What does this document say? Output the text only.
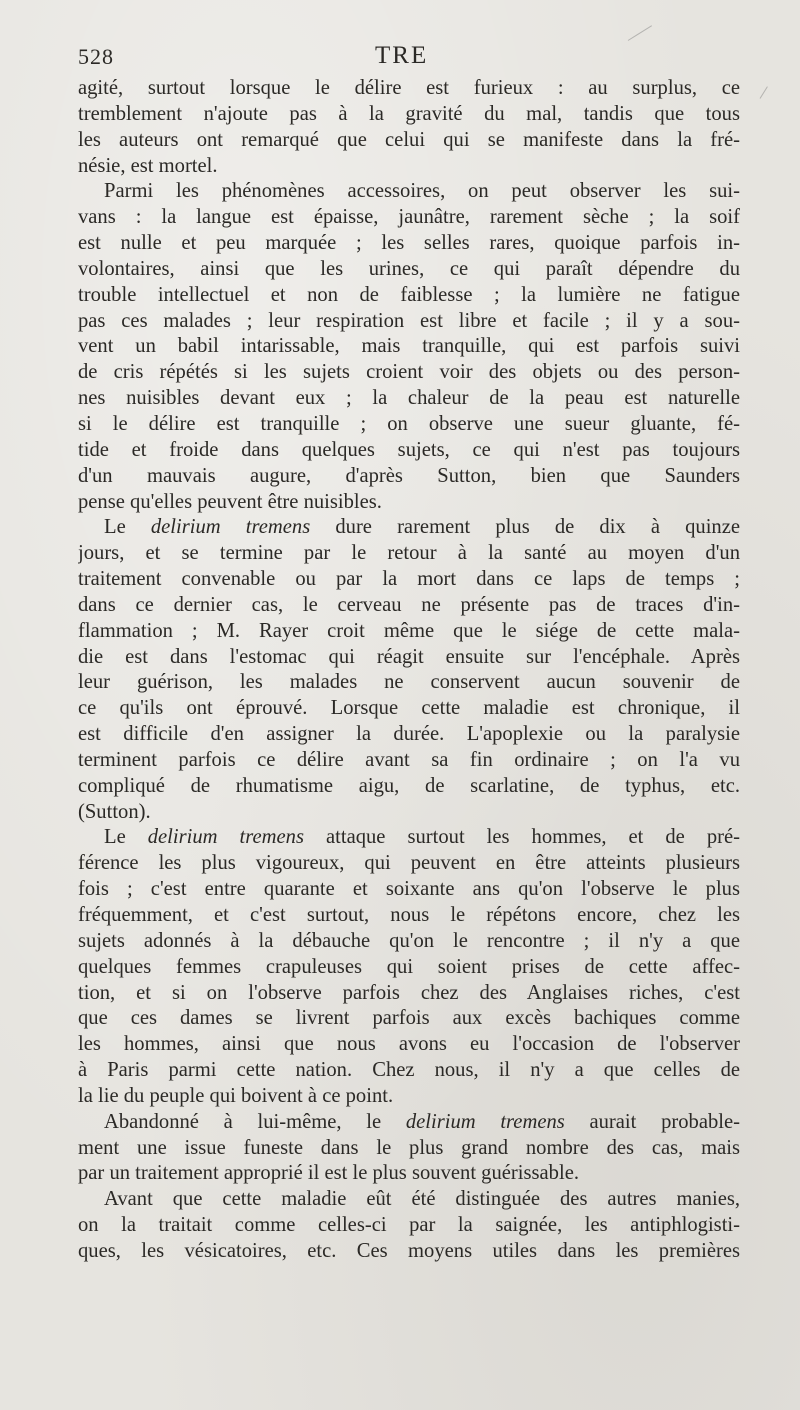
528	TRE

agité, surtout lorsque le délire est furieux : au surplus, ce
tremblement n'ajoute pas à la gravité du mal, tandis que tous
les auteurs ont remarqué que celui qui se manifeste dans la fré-
nésie, est mortel.

Parmi les phénomènes accessoires, on peut observer les sui-
vans : la langue est épaisse, jaunâtre, rarement sèche ; la soif
est nulle et peu marquée ; les selles rares, quoique parfois in-
volontaires, ainsi que les urines, ce qui paraît dépendre du
trouble intellectuel et non de faiblesse ; la lumière ne fatigue
pas ces malades ; leur respiration est libre et facile ; il y a sou-
vent un babil intarissable, mais tranquille, qui est parfois suivi
de cris répétés si les sujets croient voir des objets ou des person-
nes nuisibles devant eux ; la chaleur de la peau est naturelle
si le délire est tranquille ; on observe une sueur gluante, fé-
tide et froide dans quelques sujets, ce qui n'est pas toujours
d'un mauvais augure, d'après Sutton, bien que Saunders
pense qu'elles peuvent être nuisibles.

Le delirium tremens dure rarement plus de dix à quinze
jours, et se termine par le retour à la santé au moyen d'un
traitement convenable ou par la mort dans ce laps de temps ;
dans ce dernier cas, le cerveau ne présente pas de traces d'in-
flammation ; M. Rayer croit même que le siége de cette mala-
die est dans l'estomac qui réagit ensuite sur l'encéphale. Après
leur guérison, les malades ne conservent aucun souvenir de
ce qu'ils ont éprouvé. Lorsque cette maladie est chronique, il
est difficile d'en assigner la durée. L'apoplexie ou la paralysie
terminent parfois ce délire avant sa fin ordinaire ; on l'a vu
compliqué de rhumatisme aigu, de scarlatine, de typhus, etc.
(Sutton).

Le delirium tremens attaque surtout les hommes, et de pré-
férence les plus vigoureux, qui peuvent en être atteints plusieurs
fois ; c'est entre quarante et soixante ans qu'on l'observe le plus
fréquemment, et c'est surtout, nous le répétons encore, chez les
sujets adonnés à la débauche qu'on le rencontre ; il n'y a que
quelques femmes crapuleuses qui soient prises de cette affec-
tion, et si on l'observe parfois chez des Anglaises riches, c'est
que ces dames se livrent parfois aux excès bachiques comme
les hommes, ainsi que nous avons eu l'occasion de l'observer
à Paris parmi cette nation. Chez nous, il n'y a que celles de
la lie du peuple qui boivent à ce point.

Abandonné à lui-même, le delirium tremens aurait probable-
ment une issue funeste dans le plus grand nombre des cas, mais
par un traitement approprié il est le plus souvent guérissable.

Avant que cette maladie eût été distinguée des autres manies,
on la traitait comme celles-ci par la saignée, les antiphlogisti-
ques, les vésicatoires, etc. Ces moyens utiles dans les premières
